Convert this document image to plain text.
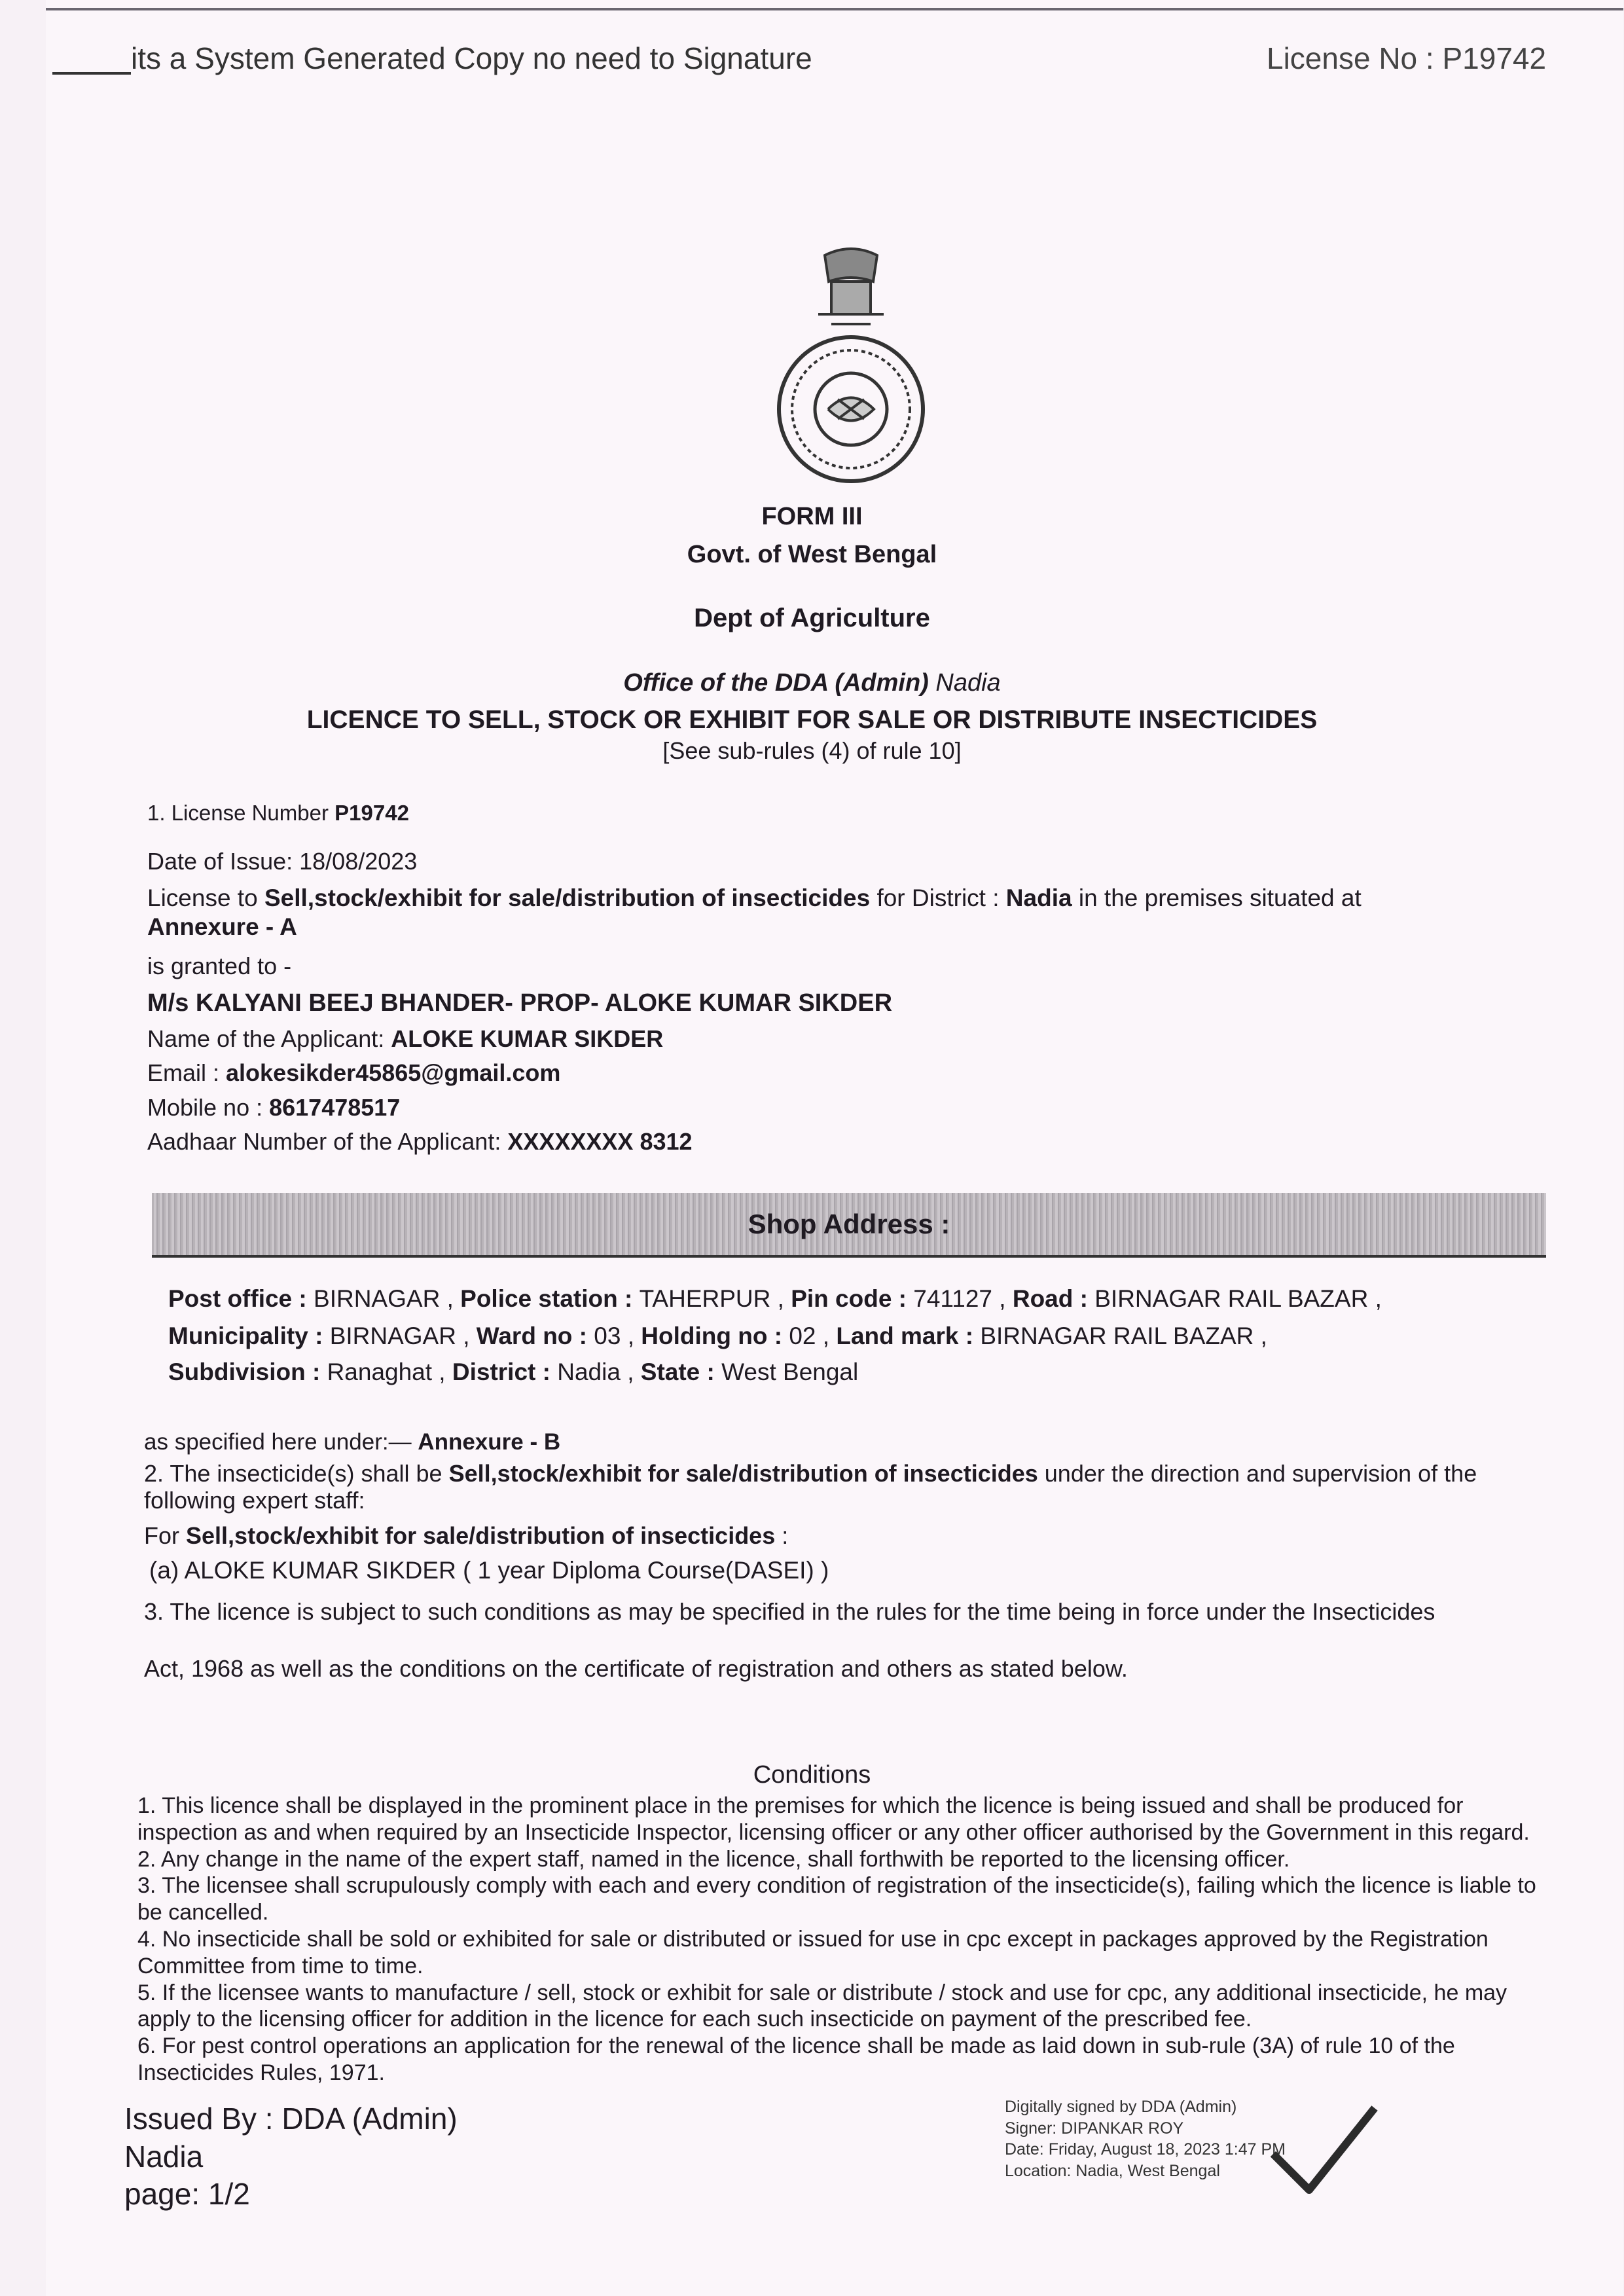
its a System Generated Copy no need to Signature	License No : P19742
FORM III
Govt. of West Bengal
Dept of Agriculture
Office of the DDA (Admin) Nadia
LICENCE TO SELL, STOCK OR EXHIBIT FOR SALE OR DISTRIBUTE INSECTICIDES
[See sub-rules (4) of rule 10]
1. License Number P19742
Date of Issue: 18/08/2023
License to Sell,stock/exhibit for sale/distribution of insecticides for District : Nadia in the premises situated at
Annexure - A
is granted to -
M/s KALYANI BEEJ BHANDER- PROP- ALOKE KUMAR SIKDER
Name of the Applicant: ALOKE KUMAR SIKDER
Email : alokesikder45865@gmail.com
Mobile no : 8617478517
Aadhaar Number of the Applicant: XXXXXXXX 8312
Shop Address :
Post office : BIRNAGAR , Police station : TAHERPUR , Pin code : 741127 , Road : BIRNAGAR RAIL BAZAR ,
Municipality : BIRNAGAR , Ward no : 03 , Holding no : 02 , Land mark : BIRNAGAR RAIL BAZAR ,
Subdivision : Ranaghat , District : Nadia , State : West Bengal
as specified here under:— Annexure - B
2. The insecticide(s) shall be Sell,stock/exhibit for sale/distribution of insecticides under the direction and supervision of the following expert staff:
For Sell,stock/exhibit for sale/distribution of insecticides :
(a) ALOKE KUMAR SIKDER ( 1 year Diploma Course(DASEI) )
3. The licence is subject to such conditions as may be specified in the rules for the time being in force under the Insecticides
Act, 1968 as well as the conditions on the certificate of registration and others as stated below.
Conditions

1. This licence shall be displayed in the prominent place in the premises for which the licence is being issued and shall be produced for inspection as and when required by an Insecticide Inspector, licensing officer or any other officer authorised by the Government in this regard.

2. Any change in the name of the expert staff, named in the licence, shall forthwith be reported to the licensing officer.

3. The licensee shall scrupulously comply with each and every condition of registration of the insecticide(s), failing which the licence is liable to be cancelled.

4. No insecticide shall be sold or exhibited for sale or distributed or issued for use in cpc except in packages approved by the Registration Committee from time to time.

5. If the licensee wants to manufacture / sell, stock or exhibit for sale or distribute / stock and use for cpc, any additional insecticide, he may apply to the licensing officer for addition in the licence for each such insecticide on payment of the prescribed fee.

6. For pest control operations an application for the renewal of the licence shall be made as laid down in sub-rule (3A) of rule 10 of the Insecticides Rules, 1971.

Issued By : DDA (Admin)
Nadia
page: 1/2
Digitally signed by DDA (Admin)
Signer: DIPANKAR ROY
Date: Friday, August 18, 2023 1:47 PM
Location: Nadia, West Bengal
